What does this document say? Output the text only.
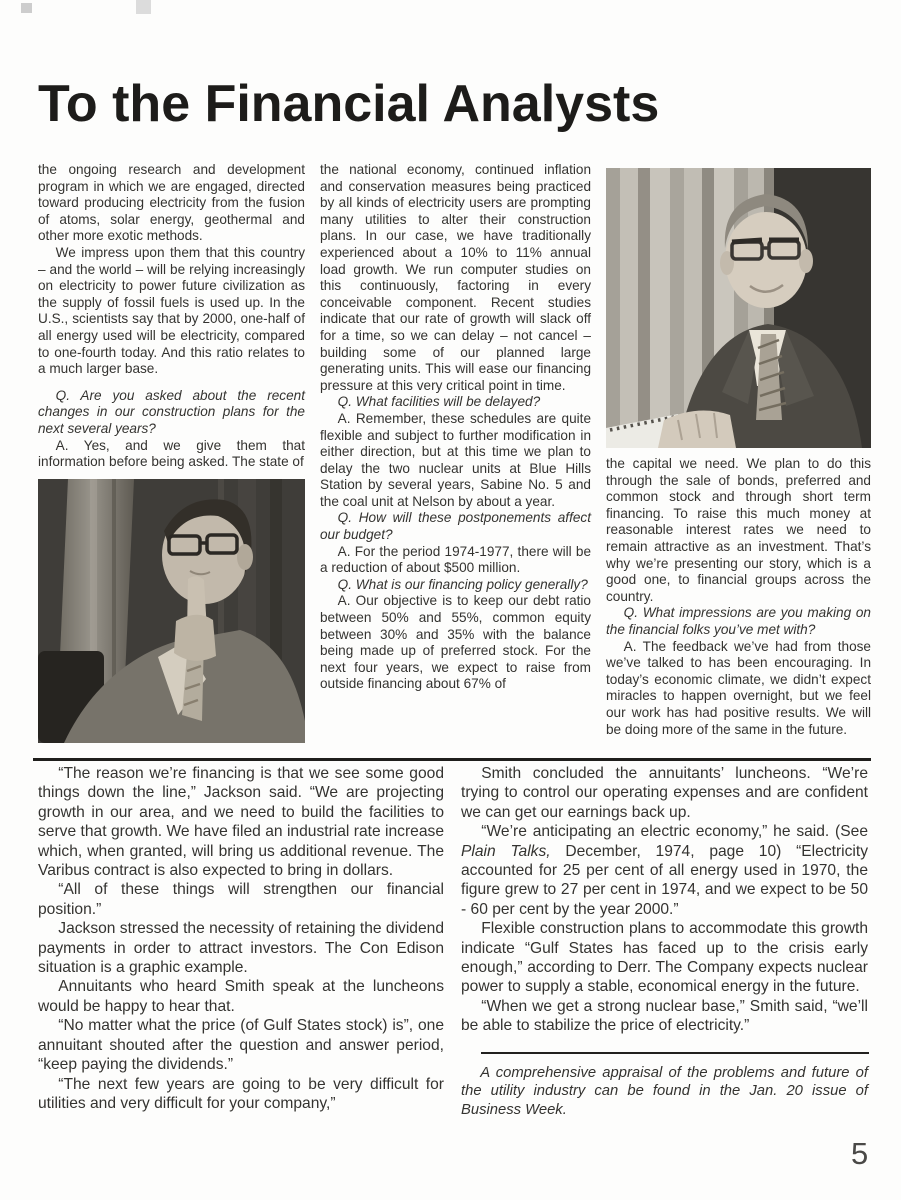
To the Financial Analysts

the ongoing research and development program in which we are engaged, directed toward producing electricity from the fusion of atoms, solar energy, geothermal and other more exotic methods.

We impress upon them that this country – and the world – will be relying increasingly on electricity to power future civilization as the supply of fossil fuels is used up. In the U.S., scientists say that by 2000, one-half of all energy used will be electricity, compared to one-fourth today. And this ratio relates to a much larger base.

Q. Are you asked about the recent changes in our construction plans for the next several years?

A. Yes, and we give them that information before being asked. The state of

the national economy, continued inflation and conservation measures being practiced by all kinds of electricity users are prompting many utilities to alter their construction plans. In our case, we have traditionally experienced about a 10% to 11% annual load growth. We run computer studies on this continuously, factoring in every conceivable component. Recent studies indicate that our rate of growth will slack off for a time, so we can delay – not cancel – building some of our planned large generating units. This will ease our financing pressure at this very critical point in time.

Q. What facilities will be delayed?

A. Remember, these schedules are quite flexible and subject to further modification in either direction, but at this time we plan to delay the two nuclear units at Blue Hills Station by several years, Sabine No. 5 and the coal unit at Nelson by about a year.

Q. How will these postponements affect our budget?

A. For the period 1974-1977, there will be a reduction of about $500 million.

Q. What is our financing policy generally?

A. Our objective is to keep our debt ratio between 50% and 55%, common equity between 30% and 35% with the balance being made up of preferred stock. For the next four years, we expect to raise from outside financing about 67% of

the capital we need. We plan to do this through the sale of bonds, preferred and common stock and through short term financing. To raise this much money at reasonable interest rates we need to remain attractive as an investment. That’s why we’re presenting our story, which is a good one, to financial groups across the country.

Q. What impressions are you making on the financial folks you’ve met with?

A. The feedback we’ve had from those we’ve talked to has been encouraging. In today’s economic climate, we didn’t expect miracles to happen overnight, but we feel our work has had positive results. We will be doing more of the same in the future.

“The reason we’re financing is that we see some good things down the line,” Jackson said. “We are projecting growth in our area, and we need to build the facilities to serve that growth. We have filed an industrial rate increase which, when granted, will bring us additional revenue. The Varibus contract is also expected to bring in dollars.

“All of these things will strengthen our financial position.”

Jackson stressed the necessity of retaining the dividend payments in order to attract investors. The Con Edison situation is a graphic example.

Annuitants who heard Smith speak at the luncheons would be happy to hear that.

“No matter what the price (of Gulf States stock) is”, one annuitant shouted after the question and answer period, “keep paying the dividends.”

“The next few years are going to be very difficult for utilities and very difficult for your company,”

Smith concluded the annuitants’ luncheons. “We’re trying to control our operating expenses and are confident we can get our earnings back up.

“We’re anticipating an electric economy,” he said. (See Plain Talks, December, 1974, page 10) “Electricity accounted for 25 per cent of all energy used in 1970, the figure grew to 27 per cent in 1974, and we expect to be 50 - 60 per cent by the year 2000.”

Flexible construction plans to accommodate this growth indicate “Gulf States has faced up to the crisis early enough,” according to Derr. The Company expects nuclear power to supply a stable, economical energy in the future.

“When we get a strong nuclear base,” Smith said, “we’ll be able to stabilize the price of electricity.”

A comprehensive appraisal of the problems and future of the utility industry can be found in the Jan. 20 issue of Business Week.

5
